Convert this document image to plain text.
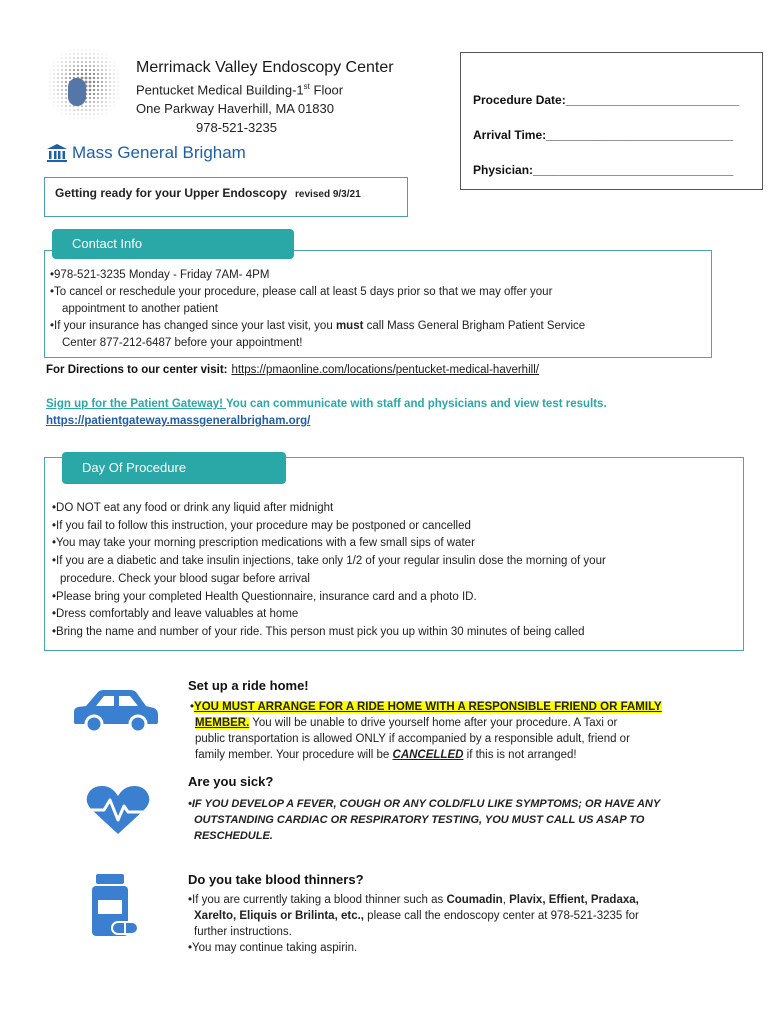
Merrimack Valley Endoscopy Center
Pentucket Medical Building-1st Floor
One Parkway Haverhill, MA 01830
978-521-3235
Mass General Brigham
Procedure Date:__________________________
Arrival Time:____________________________
Physician:______________________________
Getting ready for your Upper Endoscopy revised 9/3/21
Contact Info
•978-521-3235 Monday - Friday 7AM- 4PM
•To cancel or reschedule your procedure, please call at least 5 days prior so that we may offer your
appointment to another patient
•If your insurance has changed since your last visit, you must call Mass General Brigham Patient Service
Center 877-212-6487 before your appointment!
For Directions to our center visit: https://pmaonline.com/locations/pentucket-medical-haverhill/
Sign up for the Patient Gateway! You can communicate with staff and physicians and view test results.
https://patientgateway.massgeneralbrigham.org/
Day Of Procedure
•DO NOT eat any food or drink any liquid after midnight
•If you fail to follow this instruction, your procedure may be postponed or cancelled
•You may take your morning prescription medications with a few small sips of water
•If you are a diabetic and take insulin injections, take only 1/2 of your regular insulin dose the morning of your
procedure. Check your blood sugar before arrival
•Please bring your completed Health Questionnaire, insurance card and a photo ID.
•Dress comfortably and leave valuables at home
•Bring the name and number of your ride. This person must pick you up within 30 minutes of being called
Set up a ride home!
•YOU MUST ARRANGE FOR A RIDE HOME WITH A RESPONSIBLE FRIEND OR FAMILY
MEMBER. You will be unable to drive yourself home after your procedure. A Taxi or
public transportation is allowed ONLY if accompanied by a responsible adult, friend or
family member. Your procedure will be CANCELLED if this is not arranged!
Are you sick?
•IF YOU DEVELOP A FEVER, COUGH OR ANY COLD/FLU LIKE SYMPTOMS; OR HAVE ANY
OUTSTANDING CARDIAC OR RESPIRATORY TESTING, YOU MUST CALL US ASAP TO
RESCHEDULE.
Do you take blood thinners?
•If you are currently taking a blood thinner such as Coumadin, Plavix, Effient, Pradaxa,
Xarelto, Eliquis or Brilinta, etc., please call the endoscopy center at 978-521-3235 for
further instructions.
•You may continue taking aspirin.
